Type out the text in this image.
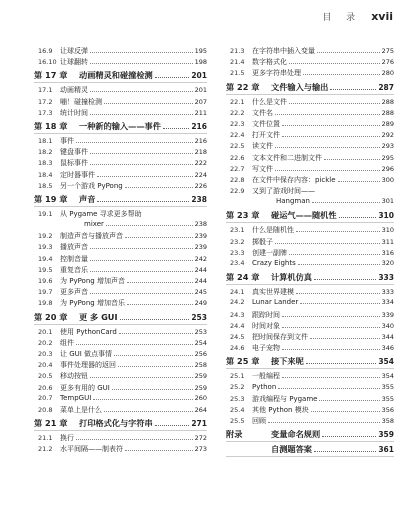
目 录 xvii
16.9	让球反弹	195
16.10 让球翻转	198
第 17 章	动画精灵和碰撞检测	201
17.1	动画精灵	201
17.2	嘣！碰撞检测	207
17.3	统计时间	211
第 18 章	一种新的输入——事件	216
18.1	事件	216
18.2	键盘事件	218
18.3	鼠标事件	222
18.4	定时器事件	224
18.5	另一个游戏 PyPong	226
第 19 章	声音	238
19.1	从 Pygame 寻求更多帮助
mixer	238
19.2	制造声音与播放声音	239
19.3	播放声音	239
19.4	控制音量	242
19.5	重复音乐	244
19.6	为 PyPong 增加声音	244
19.7	更多声音	245
19.8	为 PyPong 增加音乐	249
第 20 章	更 多 GUI	253
20.1	使用 PythonCard	253
20.2	组件	254
20.3	让 GUI 做点事情	256
20.4	事件处理器的返回	258
20.5	移动按钮	259
20.6	更多有用的 GUI	259
20.7	TempGUI	260
20.8	菜单上是什么	264
第 21 章	打印格式化与字符串	271
21.1	换行	272
21.2	水平间隔——制表符	273
21.3	在字符串中插入变量	275
21.4	数字格式化	276
21.5	更多字符串处理	280
第 22 章	文件输入与输出	287
22.1	什么是文件	288
22.2	文件名	288
22.3	文件位置	289
22.4	打开文件	292
22.5	读文件	293
22.6	文本文件和二进制文件	295
22.7	写文件	296
22.8	在文件中保存内容：pickle	300
22.9	又到了游戏时间——
Hangman	301
第 23 章	碰运气——随机性	310
23.1	什么是随机性	310
23.2	掷骰子	311
23.3	创建一副牌	316
23.4	Crazy Eights	320
第 24 章	计算机仿真	333
24.1	真实世界建模	333
24.2	Lunar Lander	334
24.3	跟踪时间	339
24.4	时间对象	340
24.5	把时间保存到文件	344
24.6	电子宠物	346
第 25 章	接下来呢	354
25.1	一般编程	354
25.2	Python	355
25.3	游戏编程与 Pygame	355
25.4	其他 Python 模块	356
25.5	回顾	358
附录	变量命名规则	359
自测题答案	361
